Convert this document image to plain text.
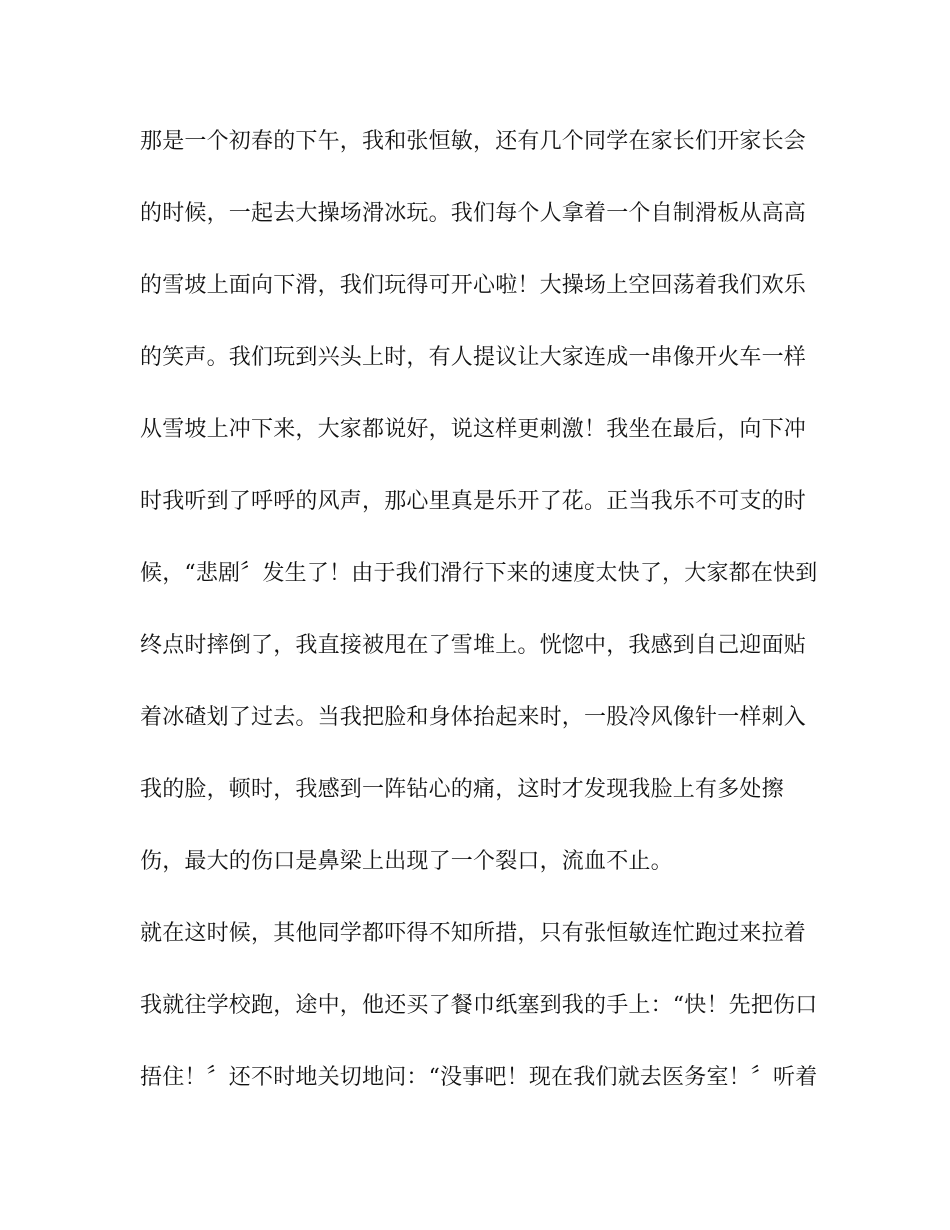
那是一个初春的下午，我和张恒敏，还有几个同学在家长们开家长会
的时候，一起去大操场滑冰玩。我们每个人拿着一个自制滑板从高高
的雪坡上面向下滑，我们玩得可开心啦！大操场上空回荡着我们欢乐
的笑声。我们玩到兴头上时，有人提议让大家连成一串像开火车一样
从雪坡上冲下来，大家都说好，说这样更刺激！我坐在最后，向下冲
时我听到了呼呼的风声，那心里真是乐开了花。正当我乐不可支的时
候，“悲剧〞发生了！由于我们滑行下来的速度太快了，大家都在快到
终点时摔倒了，我直接被甩在了雪堆上。恍惚中，我感到自己迎面贴
着冰碴划了过去。当我把脸和身体抬起来时，一股冷风像针一样刺入
我的脸，顿时，我感到一阵钻心的痛，这时才发现我脸上有多处擦
伤，最大的伤口是鼻梁上出现了一个裂口，流血不止。
就在这时候，其他同学都吓得不知所措，只有张恒敏连忙跑过来拉着
我就往学校跑，途中，他还买了餐巾纸塞到我的手上：“快！先把伤口
捂住！〞还不时地关切地问：“没事吧！现在我们就去医务室！〞听着
